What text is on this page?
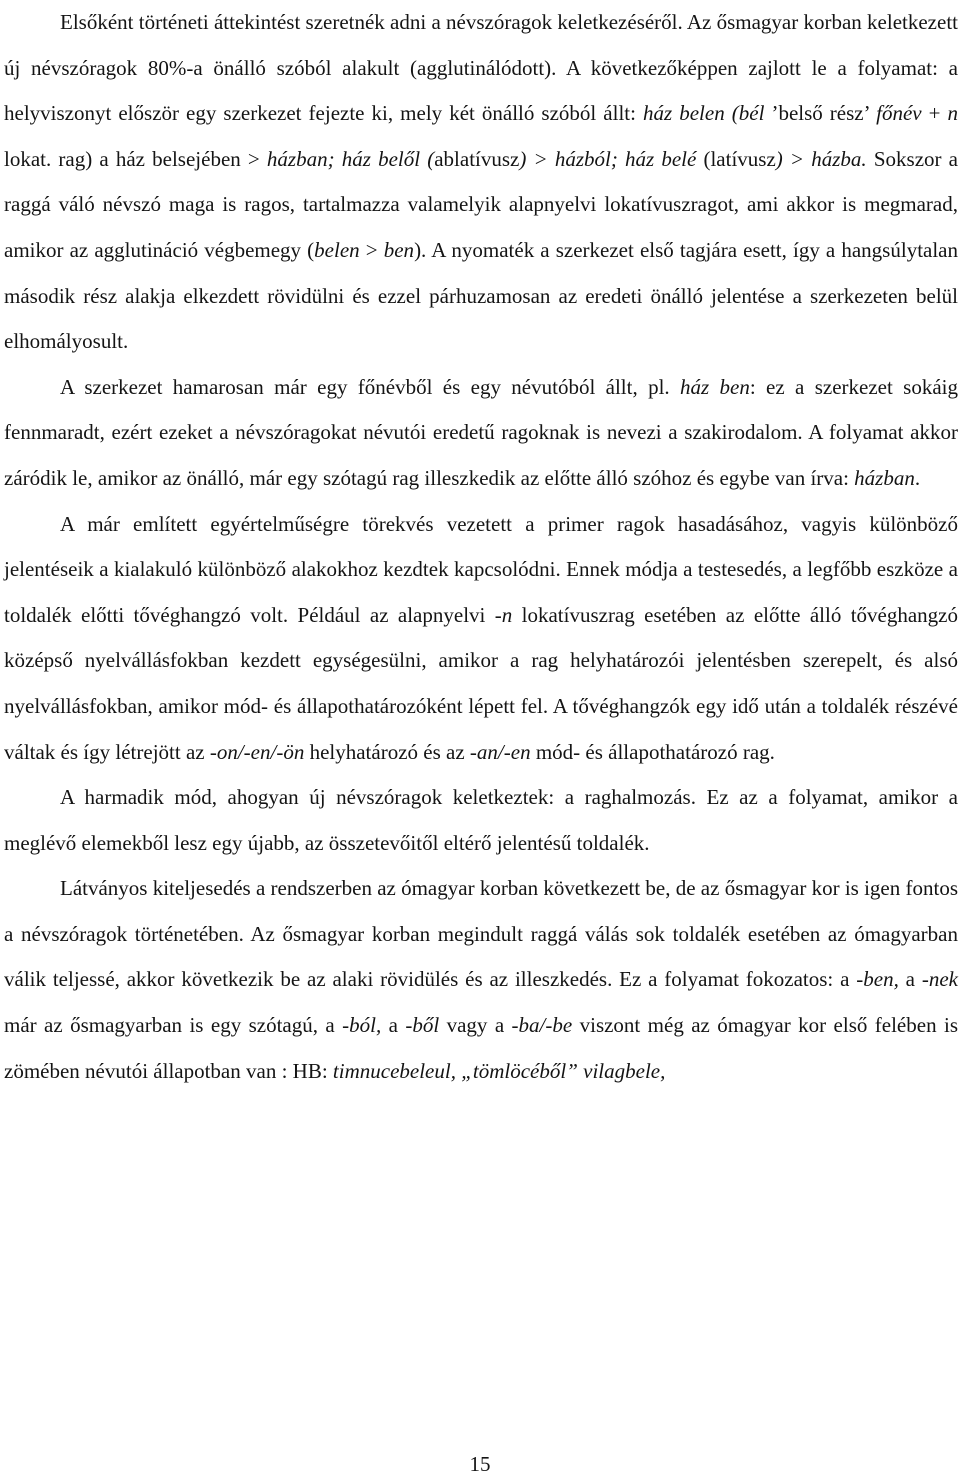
Elsőként történeti áttekintést szeretnék adni a névszóragok keletkezéséről. Az ősmagyar korban keletkezett új névszóragok 80%-a önálló szóból alakult (agglutinálódott). A következőképpen zajlott le a folyamat: a helyviszonyt először egy szerkezet fejezte ki, mely két önálló szóból állt: ház belen (bél ’belső rész’ főnév + n lokat. rag) a ház belsejében > házban; ház belől (ablatívusz) > házból; ház belé (latívusz) > házba. Sokszor a raggá váló névszó maga is ragos, tartalmazza valamelyik alapnyelvi lokatívuszragot, ami akkor is megmarad, amikor az agglutináció végbemegy (belen > ben). A nyomaték a szerkezet első tagjára esett, így a hangsúlytalan második rész alakja elkezdett rövidülni és ezzel párhuzamosan az eredeti önálló jelentése a szerkezeten belül elhomályosult.

A szerkezet hamarosan már egy főnévből és egy névutóból állt, pl. ház ben: ez a szerkezet sokáig fennmaradt, ezért ezeket a névszóragokat névutói eredetű ragoknak is nevezi a szakirodalom. A folyamat akkor záródik le, amikor az önálló, már egy szótagú rag illeszkedik az előtte álló szóhoz és egybe van írva: házban.

A már említett egyértelműségre törekvés vezetett a primer ragok hasadásához, vagyis különböző jelentéseik a kialakuló különböző alakokhoz kezdtek kapcsolódni. Ennek módja a testesedés, a legfőbb eszköze a toldalék előtti tővéghangzó volt. Például az alapnyelvi -n lokatívuszrag esetében az előtte álló tővéghangzó középső nyelvállásfokban kezdett egységesülni, amikor a rag helyhatározói jelentésben szerepelt, és alsó nyelvállásfokban, amikor mód- és állapothatározóként lépett fel. A tővéghangzók egy idő után a toldalék részévé váltak és így létrejött az -on/-en/-ön helyhatározó és az -an/-en mód- és állapothatározó rag.

A harmadik mód, ahogyan új névszóragok keletkeztek: a raghalmozás. Ez az a folyamat, amikor a meglévő elemekből lesz egy újabb, az összetevőitől eltérő jelentésű toldalék.

Látványos kiteljesedés a rendszerben az ómagyar korban következett be, de az ősmagyar kor is igen fontos a névszóragok történetében. Az ősmagyar korban megindult raggá válás sok toldalék esetében az ómagyarban válik teljessé, akkor következik be az alaki rövidülés és az illeszkedés. Ez a folyamat fokozatos: a -ben, a -nek már az ősmagyarban is egy szótagú, a -ból, a -ből vagy a -ba/-be viszont még az ómagyar kor első felében is zömében névutói állapotban van : HB: timnucebeleul, „tömlöcéből” vilagbele,

15
